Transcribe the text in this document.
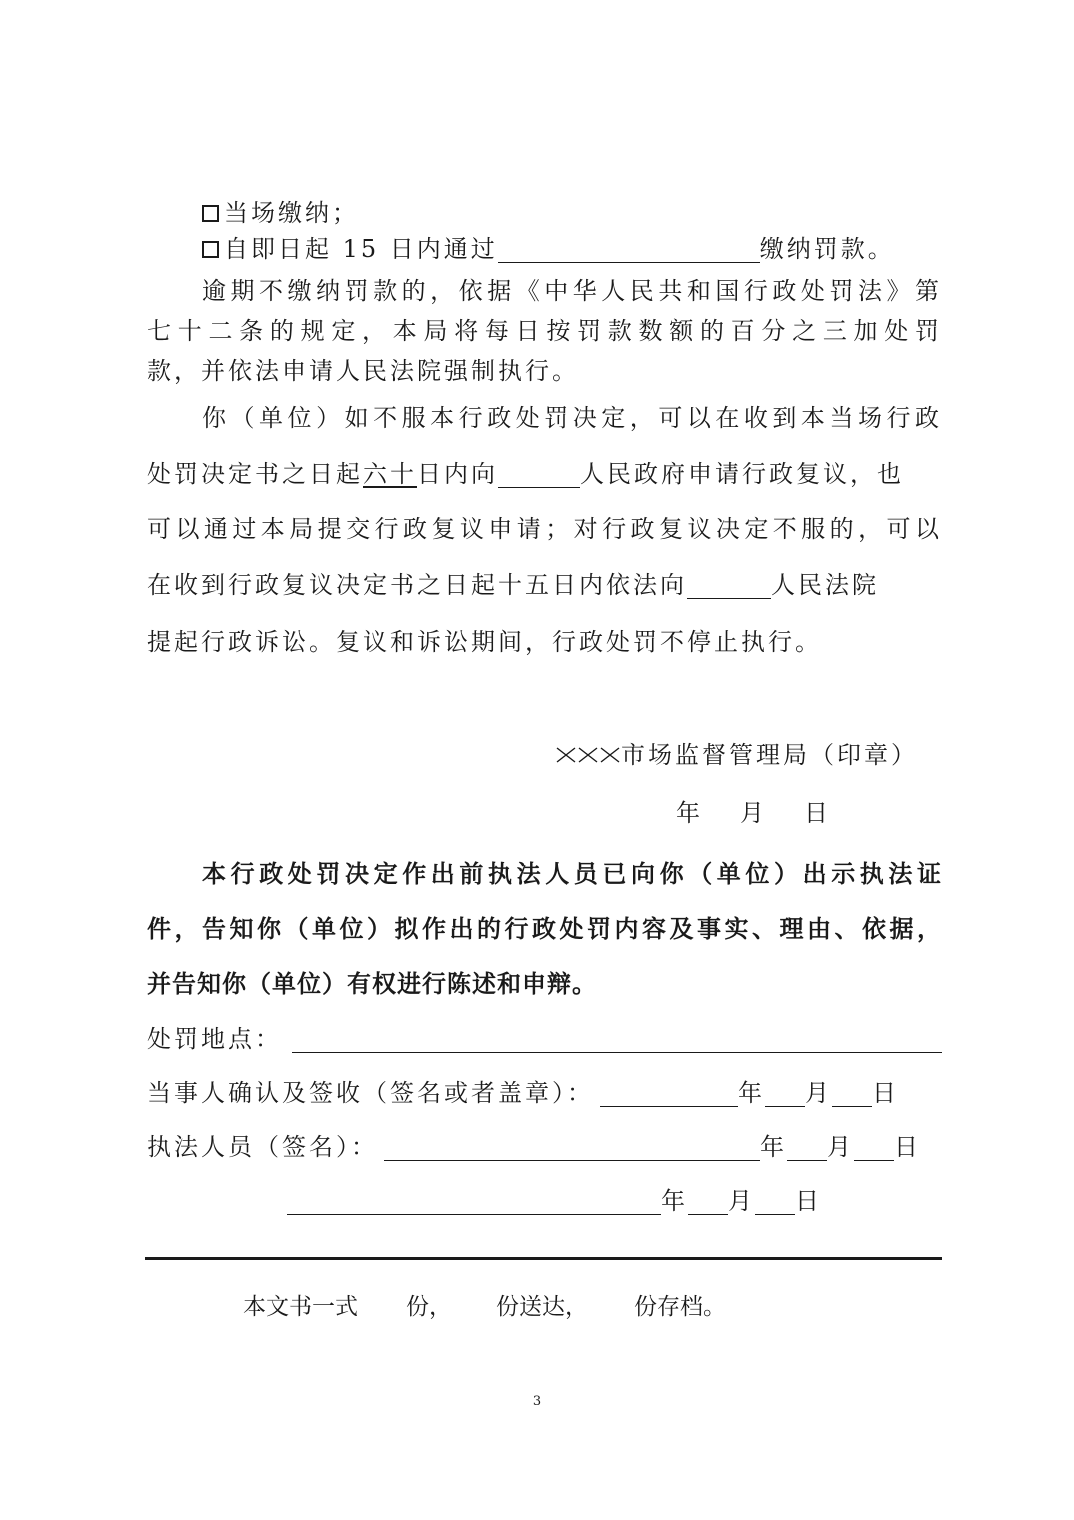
当场缴纳；
自即日起 15 日内通过	缴纳罚款。
逾期不缴纳罚款的，依据《中华人民共和国行政处罚法》第
七十二条的规定，本局将每日按罚款数额的百分之三加处罚
款，并依法申请人民法院强制执行。
你（单位）如不服本行政处罚决定，可以在收到本当场行政
处罚决定书之日起六十日内向	人民政府申请行政复议，也
可以通过本局提交行政复议申请；对行政复议决定不服的，可以
在收到行政复议决定书之日起十五日内依法向	人民法院
提起行政诉讼。复议和诉讼期间，行政处罚不停止执行。
市场监督管理局（印章）
年　月　日
本行政处罚决定作出前执法人员已向你（单位）出示执法证
件，告知你（单位）拟作出的行政处罚内容及事实、理由、依据，
并告知你（单位）有权进行陈述和申辩。
处罚地点：
当事人确认及签收（签名或者盖章）：	年 月 日
执法人员（签名）：	年 月 日
年 月 日
本文书一式 份， 份送达， 份存档。
3
